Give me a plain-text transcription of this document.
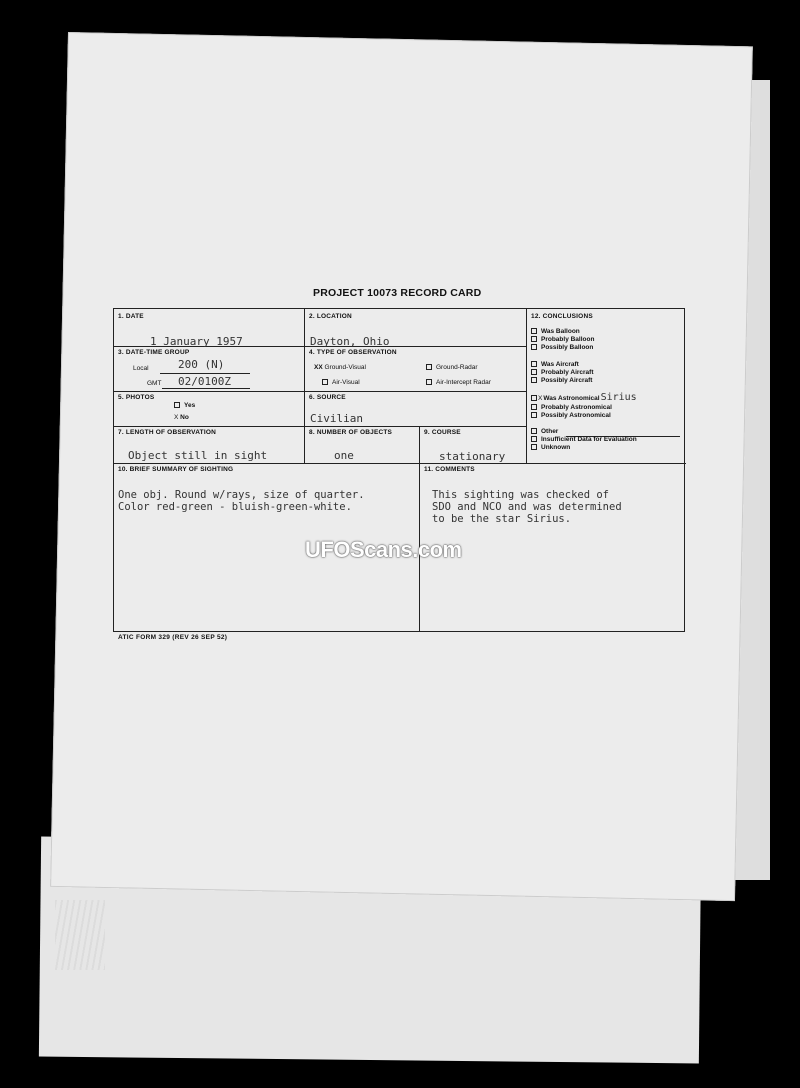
PROJECT 10073 RECORD CARD
1. DATE
1 January 1957
2. LOCATION
Dayton, Ohio
3. DATE-TIME GROUP
Local	200 (N)
GMT 02/0100Z
4. TYPE OF OBSERVATION
XX Ground-Visual	Ground-Radar
Air-Visual	Air-Intercept Radar
5. PHOTOS
Yes
X No
6. SOURCE
Civilian
7. LENGTH OF OBSERVATION
Object still in sight
8. NUMBER OF OBJECTS
one
9. COURSE
stationary
10. BRIEF SUMMARY OF SIGHTING
One obj. Round w/rays, size of quarter.
Color red-green - bluish-green-white.
11. COMMENTS
This sighting was checked of
SDO and NCO and was determined
to be the star Sirius.
12. CONCLUSIONS
Was Balloon
Probably Balloon
Possibly Balloon
Was Aircraft
Probably Aircraft
Possibly Aircraft
XWas AstronomicalSirius
Probably Astronomical
Possibly Astronomical
Other
Insufficient Data for Evaluation
Unknown
ATIC FORM 329 (REV 26 SEP 52)
UFOScans.com
